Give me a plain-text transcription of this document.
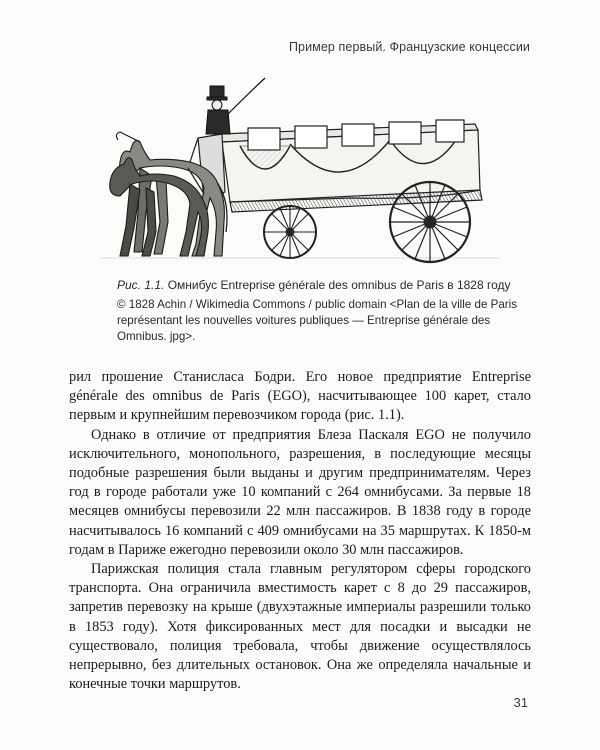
Пример первый. Французские концессии
Рис. 1.1. Омнибус Entreprise générale des omnibus de Paris в 1828 году
© 1828 Achin / Wikimedia Commons / public domain <Plan de la ville de Paris représentant les nouvelles voitures publiques — Entreprise générale des Omnibus. jpg>.

рил прошение Станисласа Бодри. Его новое предприятие Entreprise générale des omnibus de Paris (EGO), насчитывающее 100 карет, стало первым и крупнейшим перевозчиком города (рис. 1.1).

Однако в отличие от предприятия Блеза Паскаля EGO не получило исключительного, монопольного, разрешения, в последующие месяцы подобные разрешения были выданы и другим предпринимателям. Через год в городе работали уже 10 компаний с 264 омнибусами. За первые 18 месяцев омнибусы перевозили 22 млн пассажиров. В 1838 году в городе насчитывалось 16 компаний с 409 омнибусами на 35 маршрутах. К 1850-м годам в Париже ежегодно перевозили около 30 млн пассажиров.

Парижская полиция стала главным регулятором сферы городского транспорта. Она ограничила вместимость карет с 8 до 29 пассажиров, запретив перевозку на крыше (двухэтажные империалы разрешили только в 1853 году). Хотя фиксированных мест для посадки и высадки не существовало, полиция требовала, чтобы движение осуществлялось непрерывно, без длительных остановок. Она же определяла начальные и конечные точки маршрутов.

31
